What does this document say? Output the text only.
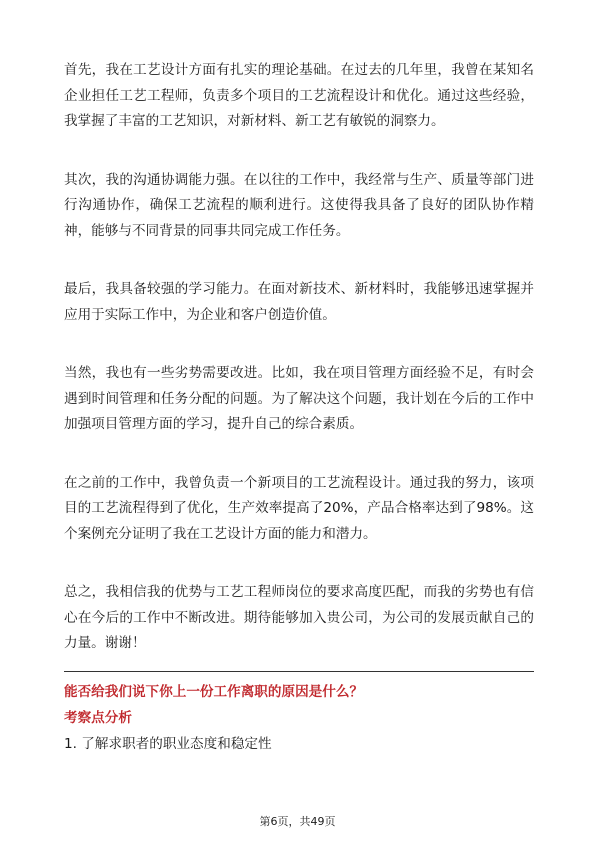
首先，我在工艺设计方面有扎实的理论基础。在过去的几年里，我曾在某知名企业担任工艺工程师，负责多个项目的工艺流程设计和优化。通过这些经验，我掌握了丰富的工艺知识，对新材料、新工艺有敏锐的洞察力。

其次，我的沟通协调能力强。在以往的工作中，我经常与生产、质量等部门进行沟通协作，确保工艺流程的顺利进行。这使得我具备了良好的团队协作精神，能够与不同背景的同事共同完成工作任务。

最后，我具备较强的学习能力。在面对新技术、新材料时，我能够迅速掌握并应用于实际工作中，为企业和客户创造价值。

当然，我也有一些劣势需要改进。比如，我在项目管理方面经验不足，有时会遇到时间管理和任务分配的问题。为了解决这个问题，我计划在今后的工作中加强项目管理方面的学习，提升自己的综合素质。

在之前的工作中，我曾负责一个新项目的工艺流程设计。通过我的努力，该项目的工艺流程得到了优化，生产效率提高了20%，产品合格率达到了98%。这个案例充分证明了我在工艺设计方面的能力和潜力。

总之，我相信我的优势与工艺工程师岗位的要求高度匹配，而我的劣势也有信心在今后的工作中不断改进。期待能够加入贵公司，为公司的发展贡献自己的力量。谢谢！

能否给我们说下你上一份工作离职的原因是什么？
考察点分析
1. 了解求职者的职业态度和稳定性
第6页，共49页
